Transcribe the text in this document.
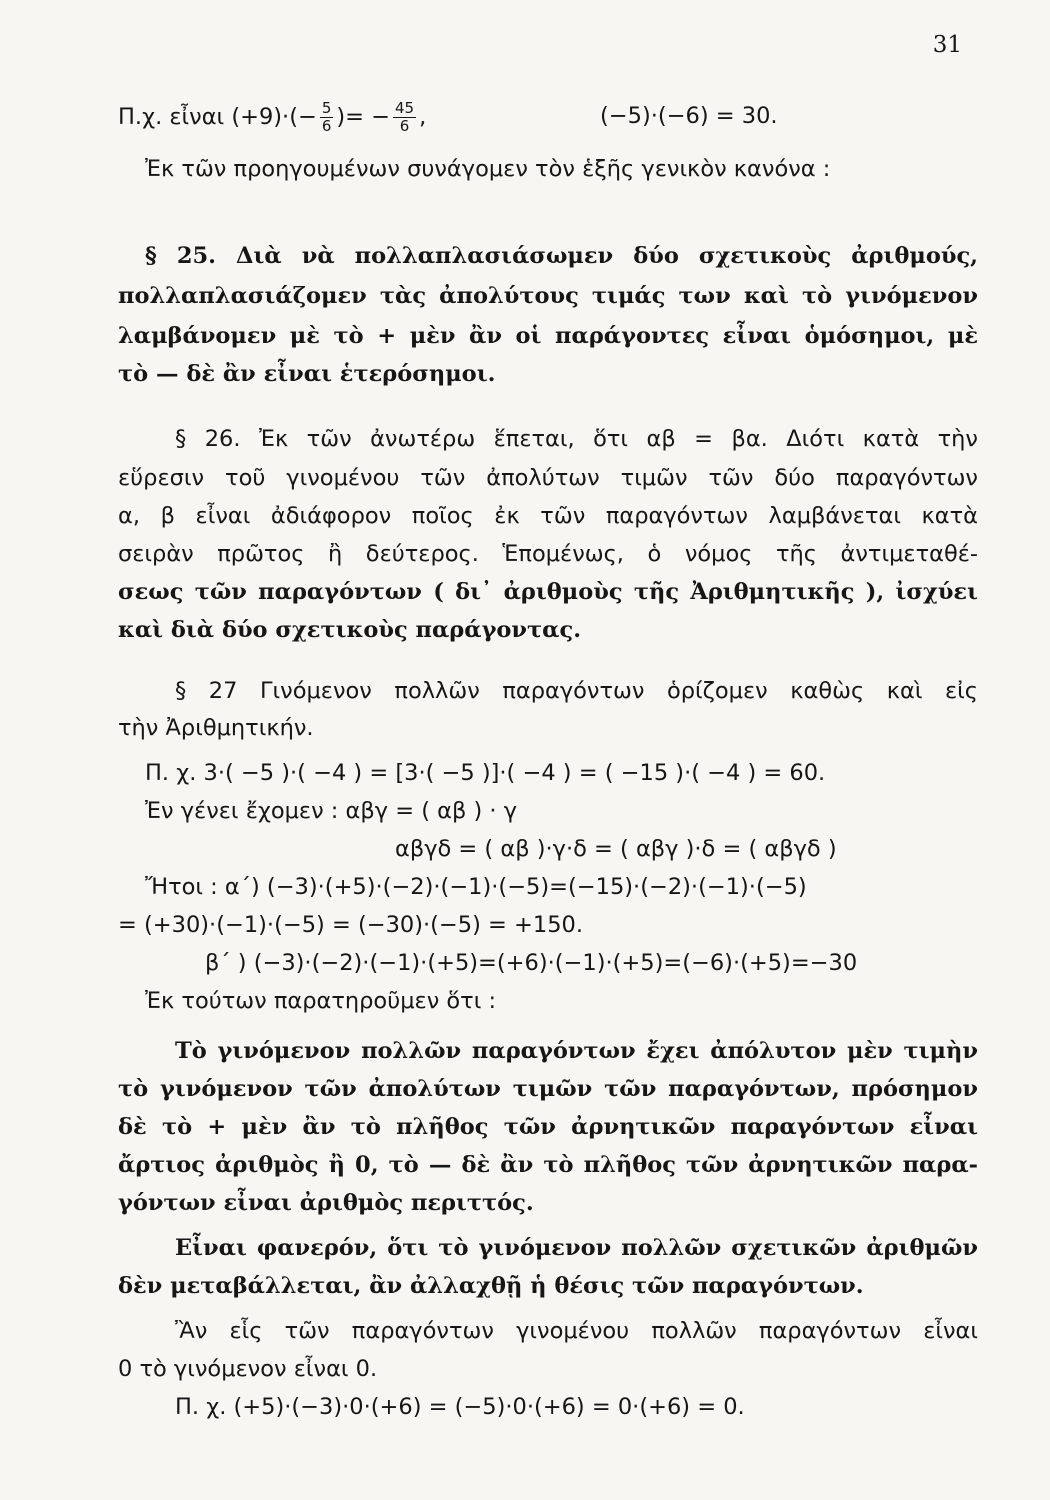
31
Π.χ. εἶναι $(+9)\cdot(- \frac{5}{6}$ )= − $\frac{45}{6}$ ,	(−5)·(−6) = 30.
Ἐκ τῶν προηγουμένων συνάγομεν τὸν ἑξῆς γενικὸν κανόνα :
§ 25. Διὰ νὰ πολλαπλασιάσωμεν δύο σχετικοὺς ἀριθμούς,
πολλαπλασιάζομεν τὰς ἀπολύτους τιμάς των καὶ τὸ γινόμενον
λαμβάνομεν μὲ τὸ + μὲν ἂν οἱ παράγοντες εἶναι ὁμόσημοι, μὲ
τὸ — δὲ ἂν εἶναι ἑτερόσημοι.
§ 26. Ἐκ τῶν ἀνωτέρω ἕπεται, ὅτι αβ = βα. Διότι κατὰ τὴν
εὕρεσιν τοῦ γινομένου τῶν ἀπολύτων τιμῶν τῶν δύο παραγόντων
α, β εἶναι ἀδιάφορον ποῖος ἐκ τῶν παραγόντων λαμβάνεται κατὰ
σειρὰν πρῶτος ἢ δεύτερος. Ἑπομένως, ὁ νόμος τῆς ἀντιμεταθέ-
σεως τῶν παραγόντων ( δι᾽ ἀριθμοὺς τῆς Ἀριθμητικῆς ), ἰσχύει
καὶ διὰ δύο σχετικοὺς παράγοντας.
§ 27 Γινόμενον πολλῶν παραγόντων ὁρίζομεν καθὼς καὶ εἰς
τὴν Ἀριθμητικήν.
Π. χ. 3·( −5 )·( −4 ) = [3·( −5 )]·( −4 ) = ( −15 )·( −4 ) = 60.
Ἐν γένει ἔχομεν : αβγ = ( αβ ) · γ
αβγδ = ( αβ )·γ·δ = ( αβγ )·δ = ( αβγδ )
Ἤτοι : α΄) (−3)·(+5)·(−2)·(−1)·(−5)=(−15)·(−2)·(−1)·(−5)
= (+30)·(−1)·(−5) = (−30)·(−5) = +150.
β΄ ) (−3)·(−2)·(−1)·(+5)=(+6)·(−1)·(+5)=(−6)·(+5)=−30
Ἐκ τούτων παρατηροῦμεν ὅτι :
Τὸ γινόμενον πολλῶν παραγόντων ἔχει ἀπόλυτον μὲν τιμὴν
τὸ γινόμενον τῶν ἀπολύτων τιμῶν τῶν παραγόντων, πρόσημον
δὲ τὸ + μὲν ἂν τὸ πλῆθος τῶν ἀρνητικῶν παραγόντων εἶναι
ἄρτιος ἀριθμὸς ἢ 0, τὸ — δὲ ἂν τὸ πλῆθος τῶν ἀρνητικῶν παρα-
γόντων εἶναι ἀριθμὸς περιττός.
Εἶναι φανερόν, ὅτι τὸ γινόμενον πολλῶν σχετικῶν ἀριθμῶν
δὲν μεταβάλλεται, ἂν ἀλλαχθῇ ἡ θέσις τῶν παραγόντων.
Ἂν εἷς τῶν παραγόντων γινομένου πολλῶν παραγόντων εἶναι
0 τὸ γινόμενον εἶναι 0.
Π. χ. (+5)·(−3)·0·(+6) = (−5)·0·(+6) = 0·(+6) = 0.
